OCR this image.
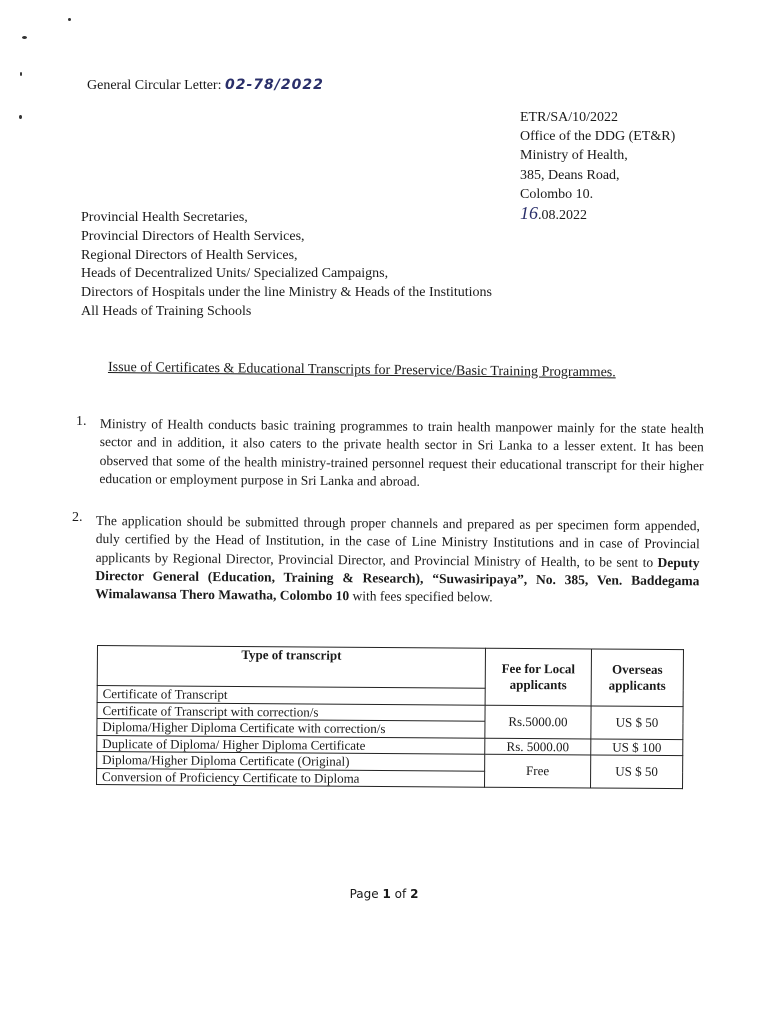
General Circular Letter: 02-78/2022
ETR/SA/10/2022
Office of the DDG (ET&R)
Ministry of Health,
385, Deans Road,
Colombo 10.
16.08.2022
Provincial Health Secretaries,
Provincial Directors of Health Services,
Regional Directors of Health Services,
Heads of Decentralized Units/ Specialized Campaigns,
Directors of Hospitals under the line Ministry & Heads of the Institutions
All Heads of Training Schools
Issue of Certificates & Educational Transcripts for Preservice/Basic Training Programmes.
1. Ministry of Health conducts basic training programmes to train health manpower mainly for the state health sector and in addition, it also caters to the private health sector in Sri Lanka to a lesser extent. It has been observed that some of the health ministry-trained personnel request their educational transcript for their higher education or employment purpose in Sri Lanka and abroad.
2. The application should be submitted through proper channels and prepared as per specimen form appended, duly certified by the Head of Institution, in the case of Line Ministry Institutions and in case of Provincial applicants by Regional Director, Provincial Director, and Provincial Ministry of Health, to be sent to Deputy Director General (Education, Training & Research), “Suwasiripaya”, No. 385, Ven. Baddegama Wimalawansa Thero Mawatha, Colombo 10 with fees specified below.
Type of transcript	Fee for Local applicants	Overseas applicants
Certificate of Transcript		
Certificate of Transcript with correction/s	Rs.5000.00	US $ 50
Diploma/Higher Diploma Certificate with correction/s		
Duplicate of Diploma/ Higher Diploma Certificate	Rs. 5000.00	US $ 100
Diploma/Higher Diploma Certificate (Original)	Free	US $ 50
Conversion of Proficiency Certificate to Diploma		
Page 1 of 2
